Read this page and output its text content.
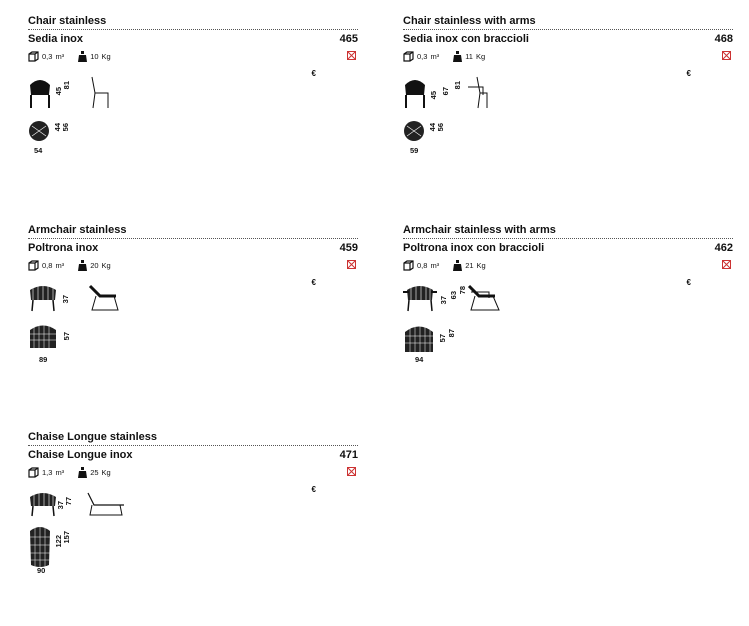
Chair stainless
Sedia inox	465
0,3 m³	10 Kg
€
45
81
44 56
54
Chair stainless with arms
Sedia inox con braccioli	468
0,3 m³	11 Kg
€
45 67
81
44 56
59
Armchair stainless
Poltrona inox	459
0,8 m³	20 Kg
€
37
57
89
Armchair stainless with arms
Poltrona inox con braccioli	462
0,8 m³	21 Kg
€
37
63
78
57
87
94
Chaise Longue stainless
Chaise Longue inox	471
1,3 m³	25 Kg
€
37 77
122 157
90
